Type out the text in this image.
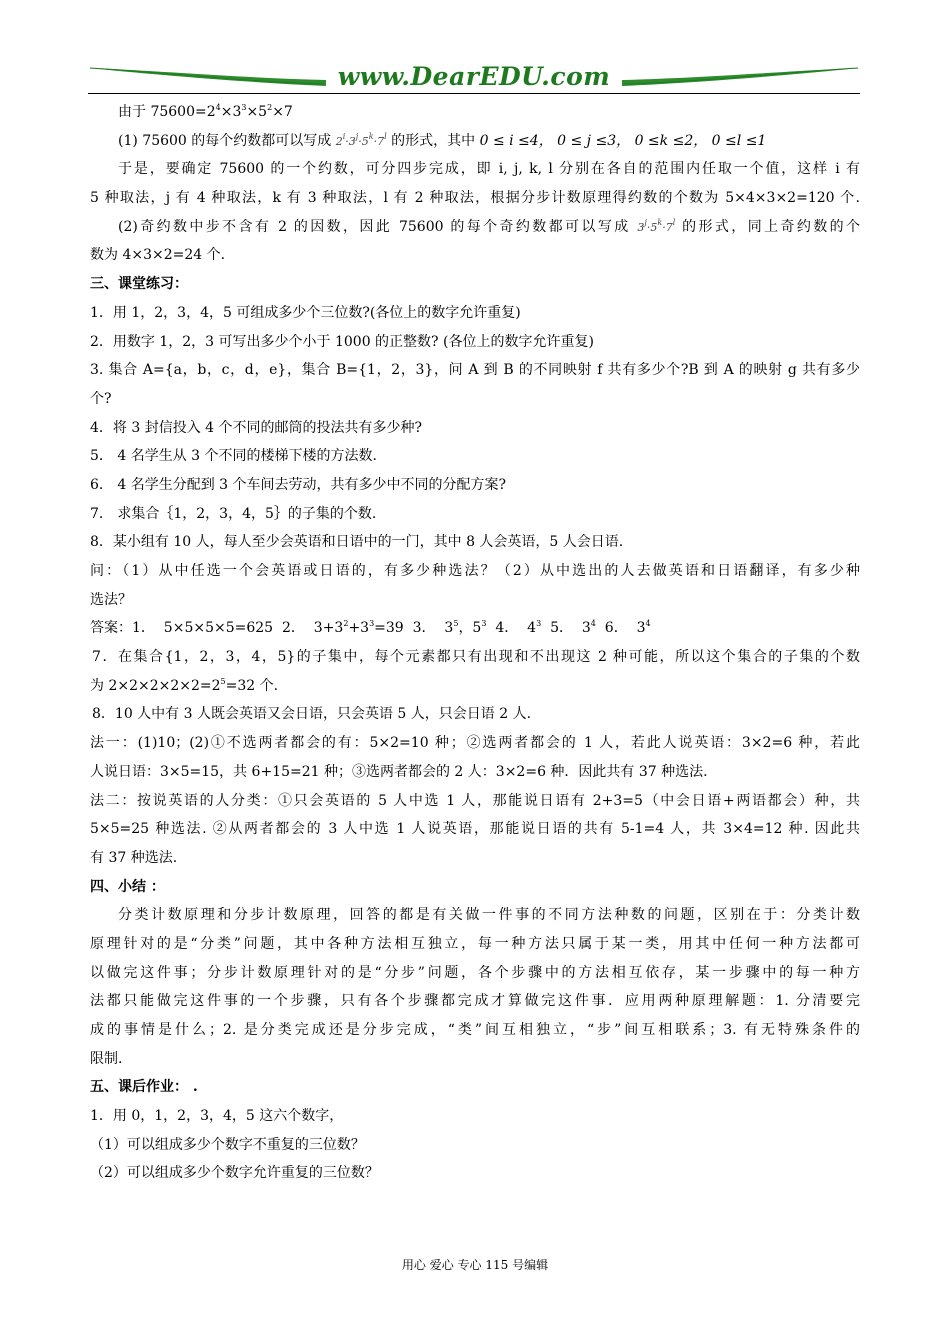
www.DearEDU.com
由于 $75600=2^4\times 3^3\times 5^2\times 7$
(1) 75600 的每个约数都可以写成 $2^i\cdot 3^j\cdot 5^k\cdot 7^l$ 的形式，其中 0 ≤ i ≤4， 0 ≤ j ≤3， 0 ≤k ≤2， 0 ≤l ≤1
于是，要确定 75600 的一个约数，可分四步完成，即 i, j, k, l 分别在各自的范围内任取一个值，这样 i 有
5 种取法，j 有 4 种取法，k 有 3 种取法，l 有 2 种取法，根据分步计数原理得约数的个数为 5×4×3×2=120 个.
(2)奇约数中步不含有 2 的因数，因此 75600 的每个奇约数都可以写成 $3^j\cdot 5^k\cdot 7^l$ 的形式，同上奇约数的个
数为 4×3×2=24 个.
三、课堂练习：
1．用 1，2，3，4，5 可组成多少个三位数?(各位上的数字允许重复)
2．用数字 1，2，3 可写出多少个小于 1000 的正整数? (各位上的数字允许重复)
3. 集合 A={a，b，c，d，e}，集合 B={1，2，3}，问 A 到 B 的不同映射 f 共有多少个?B 到 A 的映射 g 共有多少
个?
4．将 3 封信投入 4 个不同的邮筒的投法共有多少种?
5． 4 名学生从 3 个不同的楼梯下楼的方法数.
6． 4 名学生分配到 3 个车间去劳动，共有多少中不同的分配方案?
7． 求集合｛1，2，3，4，5｝的子集的个数.
8．某小组有 10 人，每人至少会英语和日语中的一门，其中 8 人会英语，5 人会日语.
问：（1）从中任选一个会英语或日语的，有多少种选法？（2）从中选出的人去做英语和日语翻译，有多少种
选法？
答案：1．  5×5×5×5=625  2．  $3+3^2+3^3=39$  3．  $3^5$，$5^3$  4．  $4^3$  5．  $3^4$  6．  $3^4$
7．在集合{1，2，3，4，5}的子集中，每个元素都只有出现和不出现这 2 种可能，所以这个集合的子集的个数
为 $2\times 2\times 2\times 2\times 2=2^5=32$ 个.
8．10 人中有 3 人既会英语又会日语，只会英语 5 人，只会日语 2 人.
法一：(1)10；(2)①不选两者都会的有：5×2=10 种；②选两者都会的 1 人，若此人说英语：3×2=6 种，若此
人说日语：3×5=15，共 6+15=21 种；③选两者都会的 2 人：3×2=6 种．因此共有 37 种选法.
法二：按说英语的人分类：①只会英语的 5 人中选 1 人，那能说日语有 2+3=5（中会日语+两语都会）种，共
5×5=25 种选法. ②从两者都会的 3 人中选 1 人说英语，那能说日语的共有 5-1=4 人，共 3×4=12 种. 因此共
有 37 种选法.
四、小结 ：
分类计数原理和分步计数原理，回答的都是有关做一件事的不同方法种数的问题，区别在于：分类计数
原理针对的是“分类”问题，其中各种方法相互独立，每一种方法只属于某一类，用其中任何一种方法都可
以做完这件事；分步计数原理针对的是“分步”问题，各个步骤中的方法相互依存，某一步骤中的每一种方
法都只能做完这件事的一个步骤，只有各个步骤都完成才算做完这件事．应用两种原理解题：1. 分清要完
成的事情是什么；2. 是分类完成还是分步完成，“类”间互相独立，“步”间互相联系；3. 有无特殊条件的
限制.
五、课后作业： .
1．用 0，1，2，3，4，5 这六个数字，
（1）可以组成多少个数字不重复的三位数？
（2）可以组成多少个数字允许重复的三位数？
用心 爱心 专心 115 号编辑
